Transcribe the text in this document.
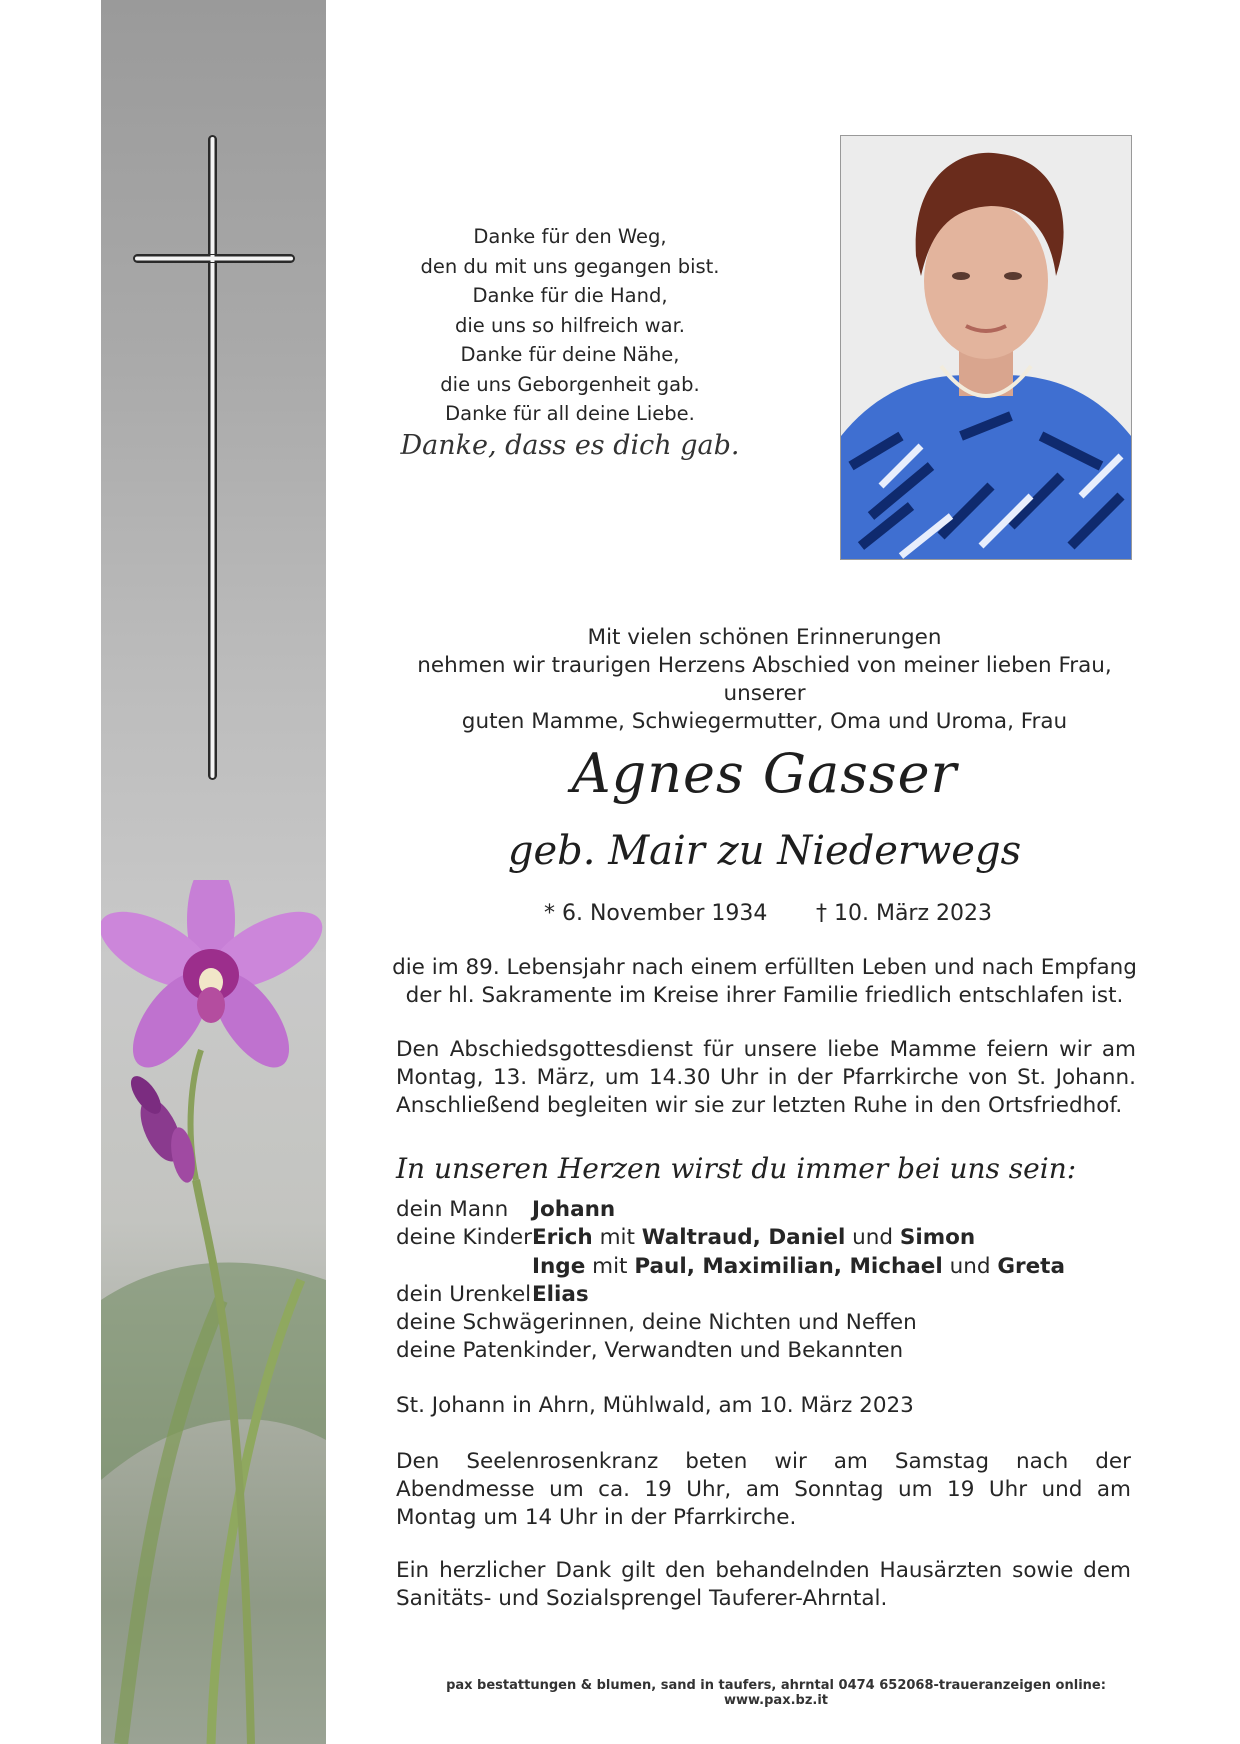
Danke für den Weg,
den du mit uns gegangen bist.
Danke für die Hand,
die uns so hilfreich war.
Danke für deine Nähe,
die uns Geborgenheit gab.
Danke für all deine Liebe.
Danke, dass es dich gab.
Mit vielen schönen Erinnerungen
nehmen wir traurigen Herzens Abschied von meiner lieben Frau, unserer
guten Mamme, Schwiegermutter, Oma und Uroma, Frau
Agnes Gasser
geb. Mair zu Niederwegs
* 6. November 1934 † 10. März 2023
die im 89. Lebensjahr nach einem erfüllten Leben und nach Empfang
der hl. Sakramente im Kreise ihrer Familie friedlich entschlafen ist.
Den Abschiedsgottesdienst für unsere liebe Mamme feiern wir am Montag, 13. März, um 14.30 Uhr in der Pfarrkirche von St. Johann. Anschließend begleiten wir sie zur letzten Ruhe in den Ortsfriedhof.
In unseren Herzen wirst du immer bei uns sein:
dein Mann Johann
deine Kinder Erich mit Waltraud, Daniel und Simon
Inge mit Paul, Maximilian, Michael und Greta
dein Urenkel Elias
deine Schwägerinnen, deine Nichten und Neffen
deine Patenkinder, Verwandten und Bekannten
St. Johann in Ahrn, Mühlwald, am 10. März 2023
Den Seelenrosenkranz beten wir am Samstag nach der Abendmesse um ca. 19 Uhr, am Sonntag um 19 Uhr und am Montag um 14 Uhr in der Pfarrkirche.
Ein herzlicher Dank gilt den behandelnden Hausärzten sowie dem Sanitäts- und Sozialsprengel Tauferer-Ahrntal.
pax bestattungen & blumen, sand in taufers, ahrntal 0474 652068-traueranzeigen online: www.pax.bz.it
